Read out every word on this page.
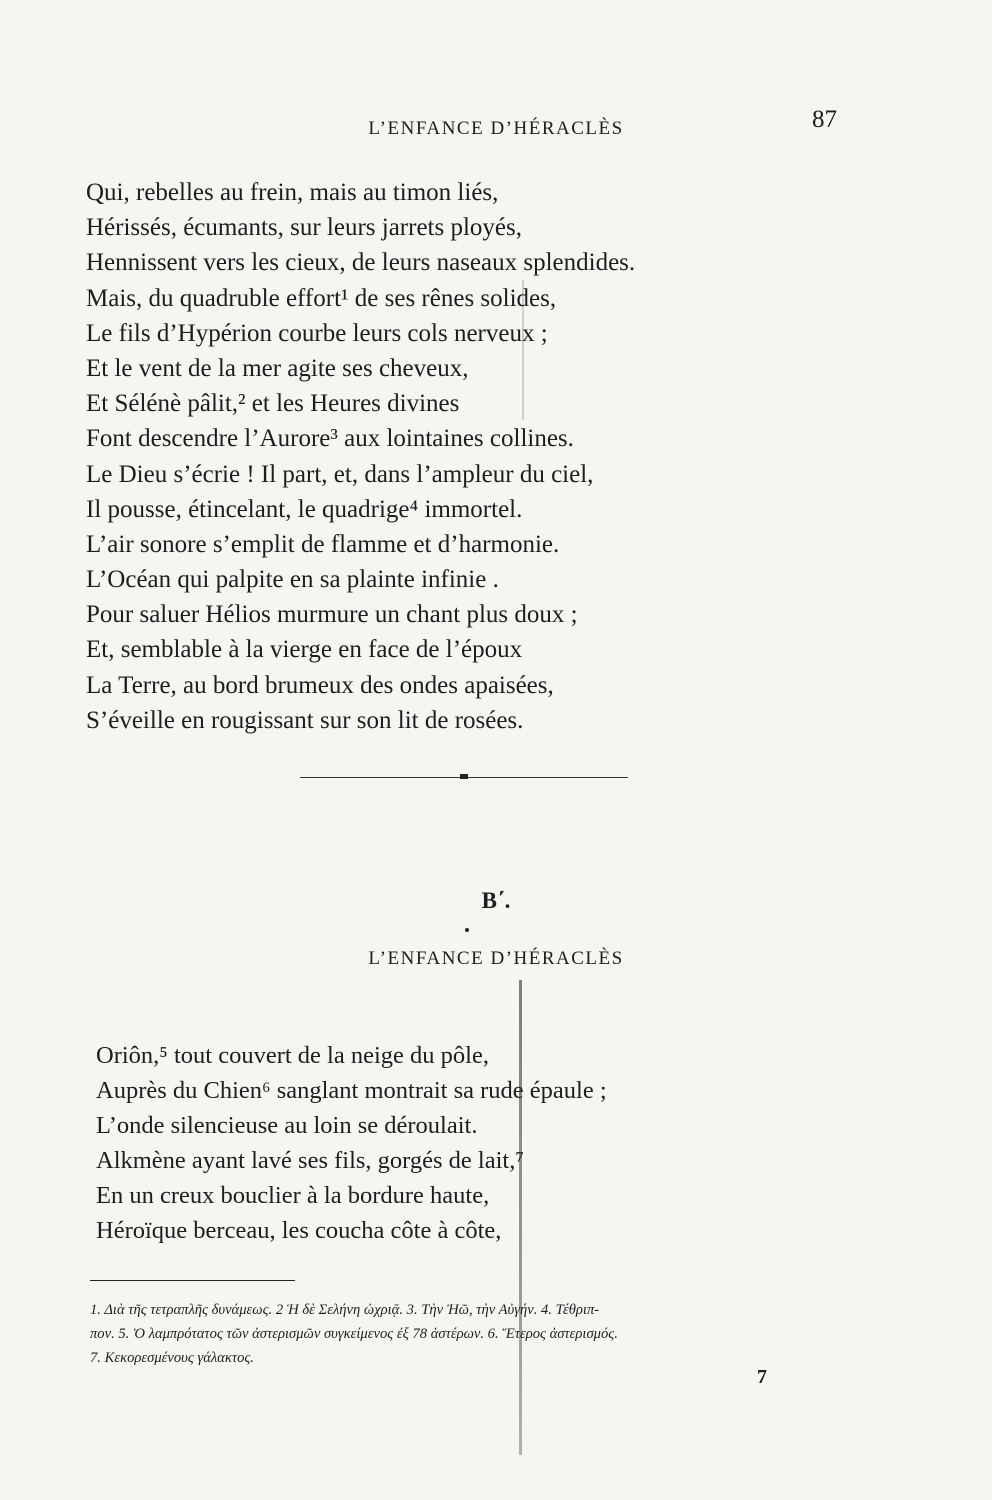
L’ENFANCE D’HÉRACLÈS	87
Qui, rebelles au frein, mais au timon liés,
Hérissés, écumants, sur leurs jarrets ployés,
Hennissent vers les cieux, de leurs naseaux splendides.
Mais, du quadruble effort¹ de ses rênes solides,
Le fils d’Hypérion courbe leurs cols nerveux ;
Et le vent de la mer agite ses cheveux,
Et Sélénè pâlit,² et les Heures divines
Font descendre l’Aurore³ aux lointaines collines.
Le Dieu s’écrie ! Il part, et, dans l’ampleur du ciel,
Il pousse, étincelant, le quadrige⁴ immortel.
L’air sonore s’emplit de flamme et d’harmonie.
L’Océan qui palpite en sa plainte infinie .
Pour saluer Hélios murmure un chant plus doux ;
Et, semblable à la vierge en face de l’époux
La Terre, au bord brumeux des ondes apaisées,
S’éveille en rougissant sur son lit de rosées.
B΄.
L’ENFANCE D’HÉRACLÈS
Oriôn,⁵ tout couvert de la neige du pôle,
Auprès du Chien⁶ sanglant montrait sa rude épaule ;
L’onde silencieuse au loin se déroulait.
Alkmène ayant lavé ses fils, gorgés de lait,⁷
En un creux bouclier à la bordure haute,
Héroïque berceau, les coucha côte à côte,
1. Διὰ τῆς τετραπλῆς δυνάμεως. 2 Ἡ δὲ Σελήνη ὠχριᾷ. 3. Τὴν Ἠῶ, τὴν Αὐγήν. 4. Τέθριπ-
πον. 5. Ὁ λαμπρότατος τῶν ἀστερισμῶν συγκείμενος ἐξ 78 ἀστέρων. 6. Ἕτερος ἀστερισμός.
7. Κεκορεσμένους γάλακτος.
7
